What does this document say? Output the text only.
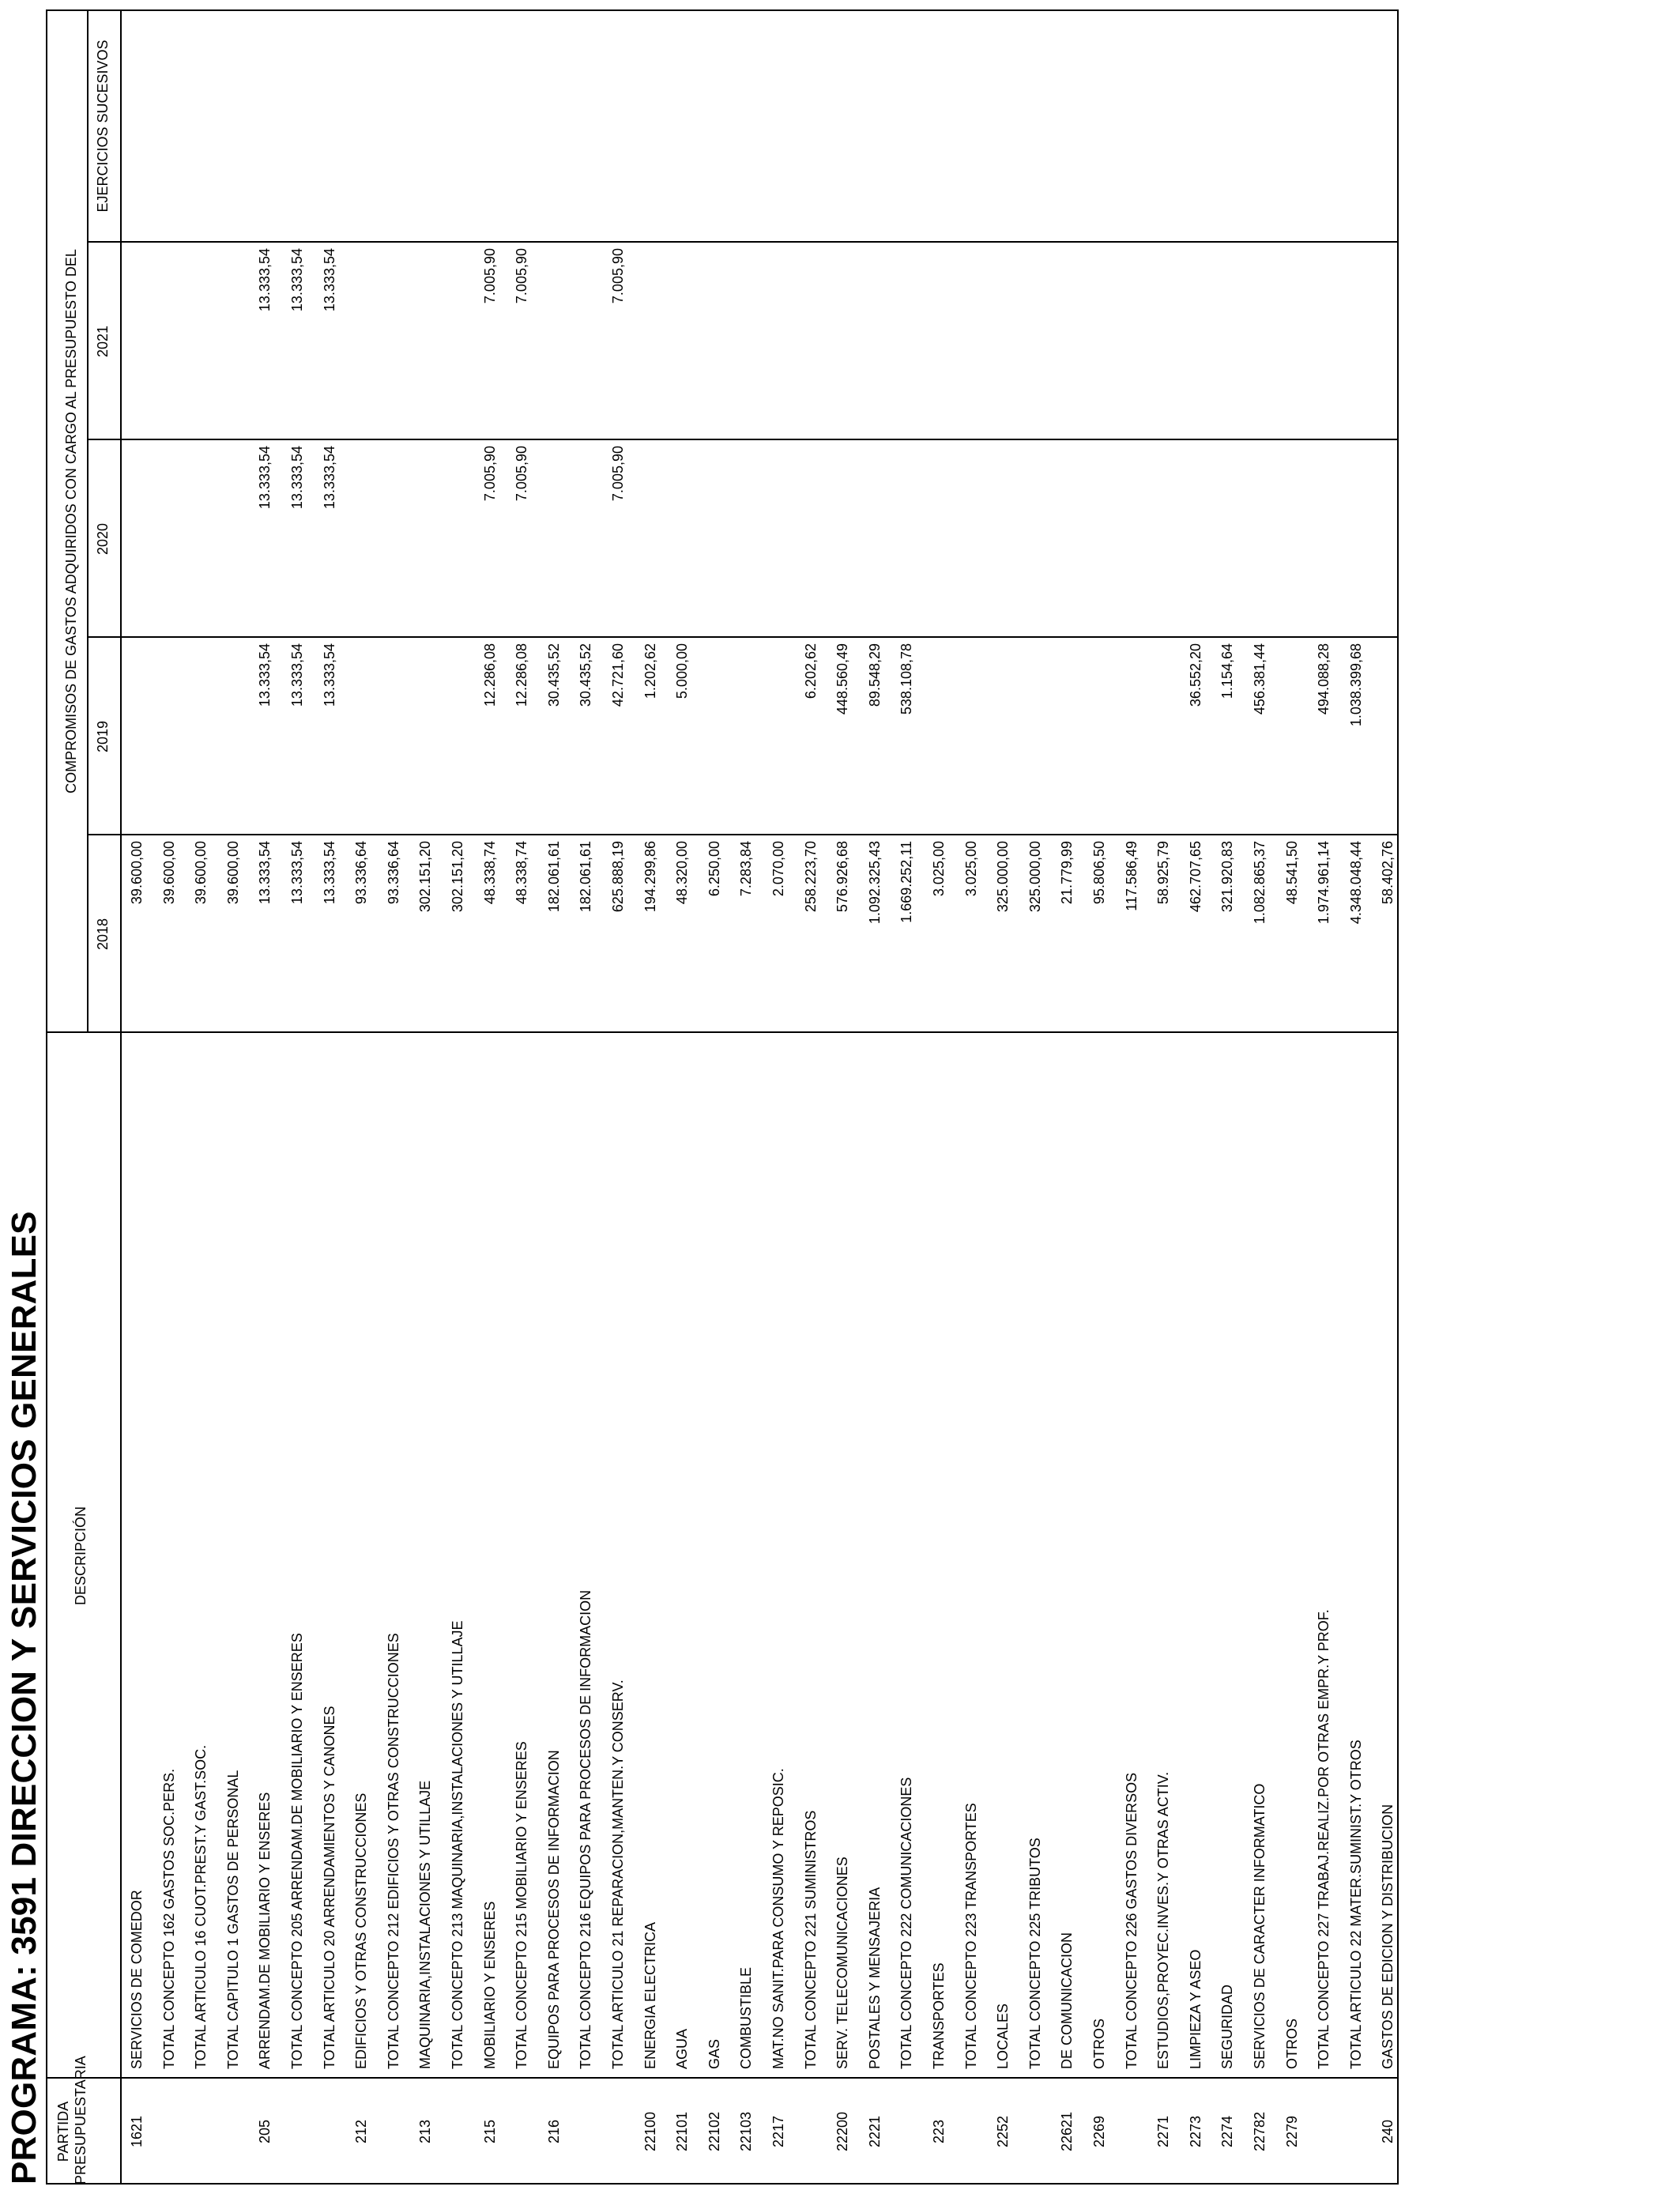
PROGRAMA: 3591 DIRECCION Y SERVICIOS GENERALES PARTIDA PRESUPUESTARIA
DESCRIPCIÓN
COMPROMISOS DE GASTOS ADQUIRIDOS CON CARGO AL PRESUPUESTO DEL
2018
2019
2020
2021
EJERCICIOS SUCESIVOS
1621
SERVICIOS DE COMEDOR
39.600,00
TOTAL CONCEPTO 162 GASTOS SOC.PERS.
39.600,00
TOTAL ARTICULO 16 CUOT.PREST.Y GAST.SOC.
39.600,00
TOTAL CAPITULO 1 GASTOS DE PERSONAL
39.600,00
205
ARRENDAM.DE MOBILIARIO Y ENSERES
13.333,54
13.333,54
13.333,54
13.333,54
TOTAL CONCEPTO 205 ARRENDAM.DE MOBILIARIO Y ENSERES
13.333,54
13.333,54
13.333,54
13.333,54
TOTAL ARTICULO 20 ARRENDAMIENTOS Y CANONES
13.333,54
13.333,54
13.333,54
13.333,54
212
EDIFICIOS Y OTRAS CONSTRUCCIONES
93.336,64
TOTAL CONCEPTO 212 EDIFICIOS Y OTRAS CONSTRUCCIONES
93.336,64
213
MAQUINARIA,INSTALACIONES Y UTILLAJE
302.151,20
TOTAL CONCEPTO 213 MAQUINARIA,INSTALACIONES Y UTILLAJE
302.151,20
215
MOBILIARIO Y ENSERES
48.338,74
12.286,08
7.005,90
7.005,90
TOTAL CONCEPTO 215 MOBILIARIO Y ENSERES
48.338,74
12.286,08
7.005,90
7.005,90
216
EQUIPOS PARA PROCESOS DE INFORMACION
182.061,61
30.435,52
TOTAL CONCEPTO 216 EQUIPOS PARA PROCESOS DE INFORMACION
182.061,61
30.435,52
TOTAL ARTICULO 21 REPARACION,MANTEN.Y CONSERV.
625.888,19
42.721,60
7.005,90
7.005,90
22100
ENERGIA ELECTRICA
194.299,86
1.202,62
22101
AGUA
48.320,00
5.000,00
22102
GAS
6.250,00
22103
COMBUSTIBLE
7.283,84
2217
MAT.NO SANIT.PARA CONSUMO Y REPOSIC.
2.070,00
TOTAL CONCEPTO 221 SUMINISTROS
258.223,70
6.202,62
22200
SERV. TELECOMUNICACIONES
576.926,68
448.560,49
2221
POSTALES Y MENSAJERIA
1.092.325,43
89.548,29
TOTAL CONCEPTO 222 COMUNICACIONES
1.669.252,11
538.108,78
223
TRANSPORTES
3.025,00
TOTAL CONCEPTO 223 TRANSPORTES
3.025,00
2252
LOCALES
325.000,00
TOTAL CONCEPTO 225 TRIBUTOS
325.000,00
22621
DE COMUNICACION
21.779,99
2269
OTROS
95.806,50
TOTAL CONCEPTO 226 GASTOS DIVERSOS
117.586,49
2271
ESTUDIOS,PROYEC.INVES.Y OTRAS ACTIV.
58.925,79
2273
LIMPIEZA Y ASEO
462.707,65
36.552,20
2274
SEGURIDAD
321.920,83
1.154,64
22782
SERVICIOS DE CARACTER INFORMATICO
1.082.865,37
456.381,44
2279
OTROS
48.541,50
TOTAL CONCEPTO 227 TRABAJ.REALIZ.POR OTRAS EMPR.Y PROF.
1.974.961,14
494.088,28
TOTAL ARTICULO 22 MATER.SUMINIST.Y OTROS
4.348.048,44
1.038.399,68
240
GASTOS DE EDICION Y DISTRIBUCION
58.402,76
